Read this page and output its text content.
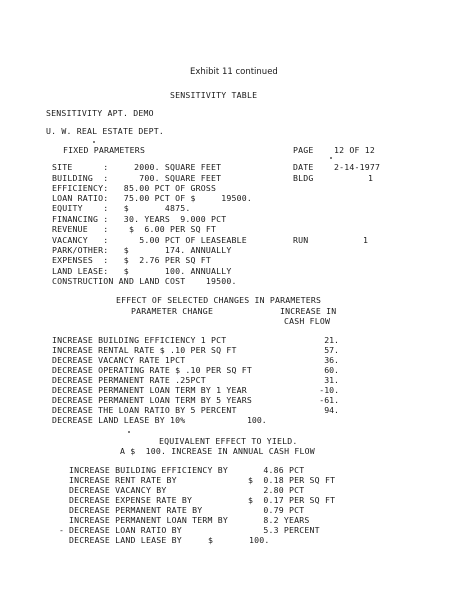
Exhibit 11 continued
SENSITIVITY TABLE
SENSITIVITY APT. DEMO
U. W. REAL ESTATE DEPT.
FIXED PARAMETERS	PAGE 12 OF 12
DATE 2-14-1977
BLDG	1
RUN	1
SITE      :     2000. SQUARE FEET
BUILDING  :      700. SQUARE FEET
EFFICIENCY:   85.00 PCT OF GROSS
LOAN RATIO:   75.00 PCT OF $     19500.
EQUITY    :   $       4875.
FINANCING :   30. YEARS  9.000 PCT
REVENUE   :    $  6.00 PER SQ FT
VACANCY   :      5.00 PCT OF LEASEABLE
PARK/OTHER:   $       174. ANNUALLY
EXPENSES  :   $  2.76 PER SQ FT
LAND LEASE:   $       100. ANNUALLY
CONSTRUCTION AND LAND COST    19500.
EFFECT OF SELECTED CHANGES IN PARAMETERS
PARAMETER CHANGE	INCREASE IN
CASH FLOW
INCREASE BUILDING EFFICIENCY 1 PCT	21.
INCREASE RENTAL RATE $ .10 PER SQ FT	57.
DECREASE VACANCY RATE 1PCT	36.
DECREASE OPERATING RATE $ .10 PER SQ FT	60.
DECREASE PERMANENT RATE .25PCT	31.
DECREASE PERMANENT LOAN TERM BY 1 YEAR	-10.
DECREASE PERMANENT LOAN TERM BY 5 YEARS	-61.
DECREASE THE LOAN RATIO BY 5 PERCENT	94.
DECREASE LAND LEASE BY 10%	100.
EQUIVALENT EFFECT TO YIELD.
A $  100. INCREASE IN ANNUAL CASH FLOW
INCREASE BUILDING EFFICIENCY BY 4.86 PCT
INCREASE RENT RATE BY	$  0.18 PER SQ FT
DECREASE VACANCY BY	2.80 PCT
DECREASE EXPENSE RATE BY	$  0.17 PER SQ FT
DECREASE PERMANENT RATE BY	0.79 PCT
INCREASE PERMANENT LOAN TERM BY 8.2 YEARS
- DECREASE LOAN RATIO BY	5.3 PERCENT
DECREASE LAND LEASE BY	$       100.
